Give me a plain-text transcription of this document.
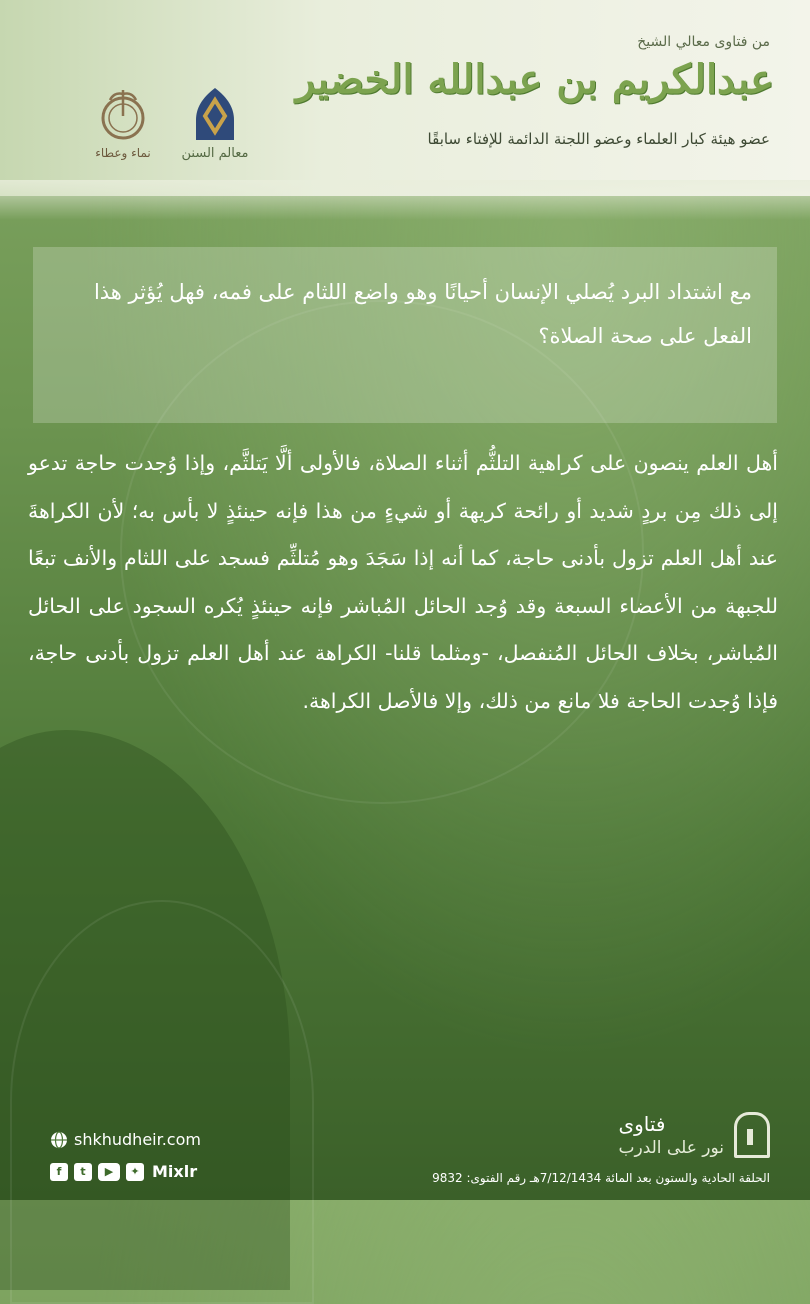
من فتاوى معالي الشيخ
عبدالكريم بن عبدالله الخضير
عضو هيئة كبار العلماء وعضو اللجنة الدائمة للإفتاء سابقًا
معالم السنن
نماء وعطاء
مع اشتداد البرد يُصلي الإنسان أحيانًا وهو واضع اللثام على فمه، فهل يُؤثر هذا الفعل على صحة الصلاة؟
أهل العلم ينصون على كراهية التلثُّم أثناء الصلاة، فالأولى ألَّا يَتلثَّم، وإذا وُجدت حاجة تدعو إلى ذلك مِن بردٍ شديد أو رائحة كريهة أو شيءٍ من هذا فإنه حينئذٍ لا بأس به؛ لأن الكراهةَ عند أهل العلم تزول بأدنى حاجة، كما أنه إذا سَجَدَ وهو مُتلثِّم فسجد على اللثام والأنف تبعًا للجبهة من الأعضاء السبعة وقد وُجد الحائل المُباشر فإنه حينئذٍ يُكره السجود على الحائل المُباشر، بخلاف الحائل المُنفصل، -ومثلما قلنا- الكراهة عند أهل العلم تزول بأدنى حاجة، فإذا وُجدت الحاجة فلا مانع من ذلك، وإلا فالأصل الكراهة.
shkhudheir.com
f	t	▶	✦ Mixlr
فتاوى
نور على الدرب
الحلقة الحادية والستون بعد المائة 7/12/1434هـ رقم الفتوى: 9832
